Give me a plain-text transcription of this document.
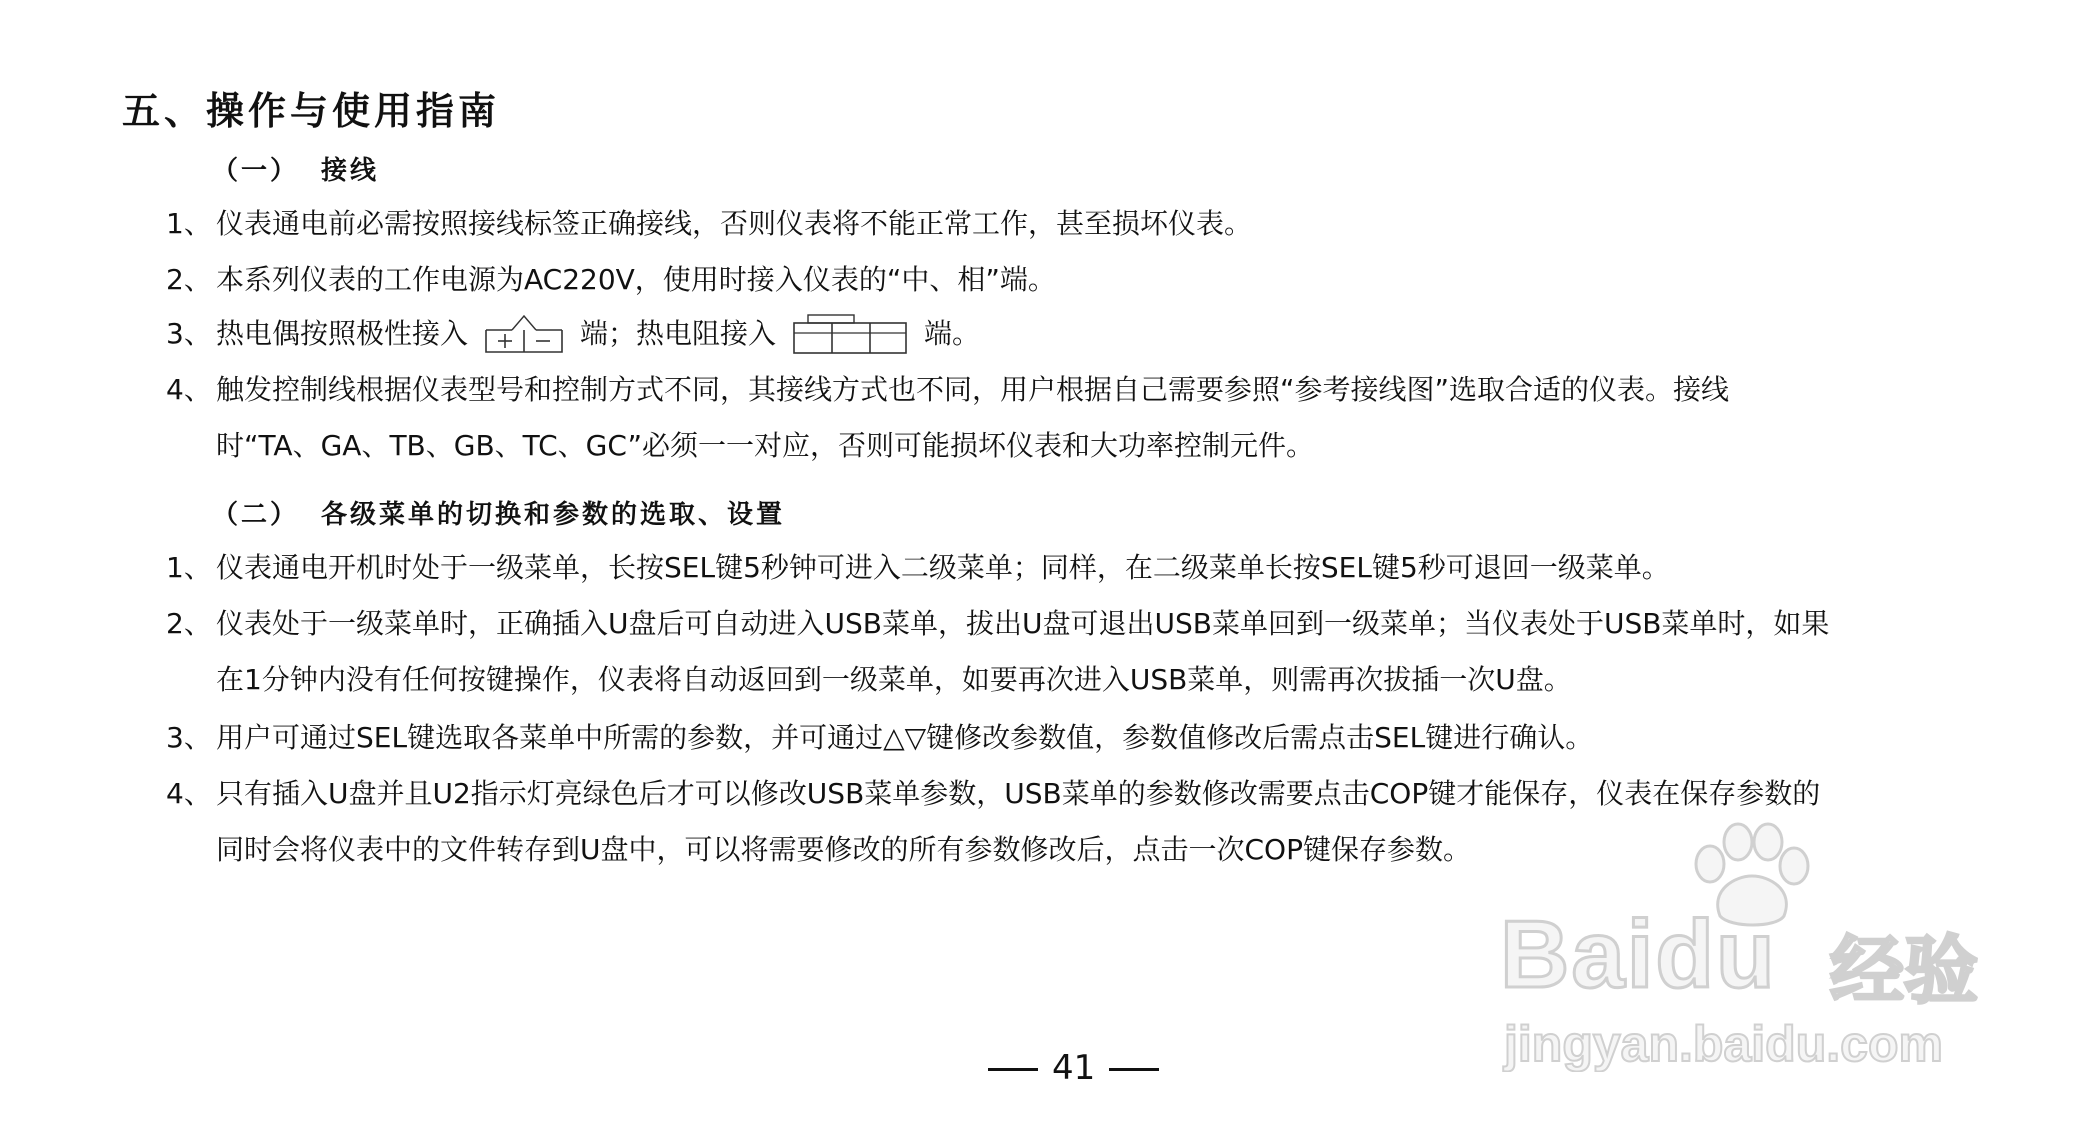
五、操作与使用指南
（一） 接线
1、 仪表通电前必需按照接线标签正确接线，否则仪表将不能正常工作，甚至损坏仪表。
2、 本系列仪表的工作电源为AC220V，使用时接入仪表的“中、相”端。
3、 热电偶按照极性接入	端；热电阻接入	端。
4、 触发控制线根据仪表型号和控制方式不同，其接线方式也不同，用户根据自己需要参照“参考接线图”选取合适的仪表。接线
时“TA、GA、TB、GB、TC、GC”必须一一对应，否则可能损坏仪表和大功率控制元件。
（二） 各级菜单的切换和参数的选取、设置
1、 仪表通电开机时处于一级菜单，长按SEL键5秒钟可进入二级菜单；同样，在二级菜单长按SEL键5秒可退回一级菜单。
2、 仪表处于一级菜单时，正确插入U盘后可自动进入USB菜单，拔出U盘可退出USB菜单回到一级菜单；当仪表处于USB菜单时，如果
在1分钟内没有任何按键操作，仪表将自动返回到一级菜单，如要再次进入USB菜单，则需再次拔插一次U盘。
3、 用户可通过SEL键选取各菜单中所需的参数，并可通过△▽键修改参数值，参数值修改后需点击SEL键进行确认。
4、 只有插入U盘并且U2指示灯亮绿色后才可以修改USB菜单参数，USB菜单的参数修改需要点击COP键才能保存，仪表在保存参数的
同时会将仪表中的文件转存到U盘中，可以将需要修改的所有参数修改后，点击一次COP键保存参数。
41
Baidu 经验
jingyan.baidu.com
